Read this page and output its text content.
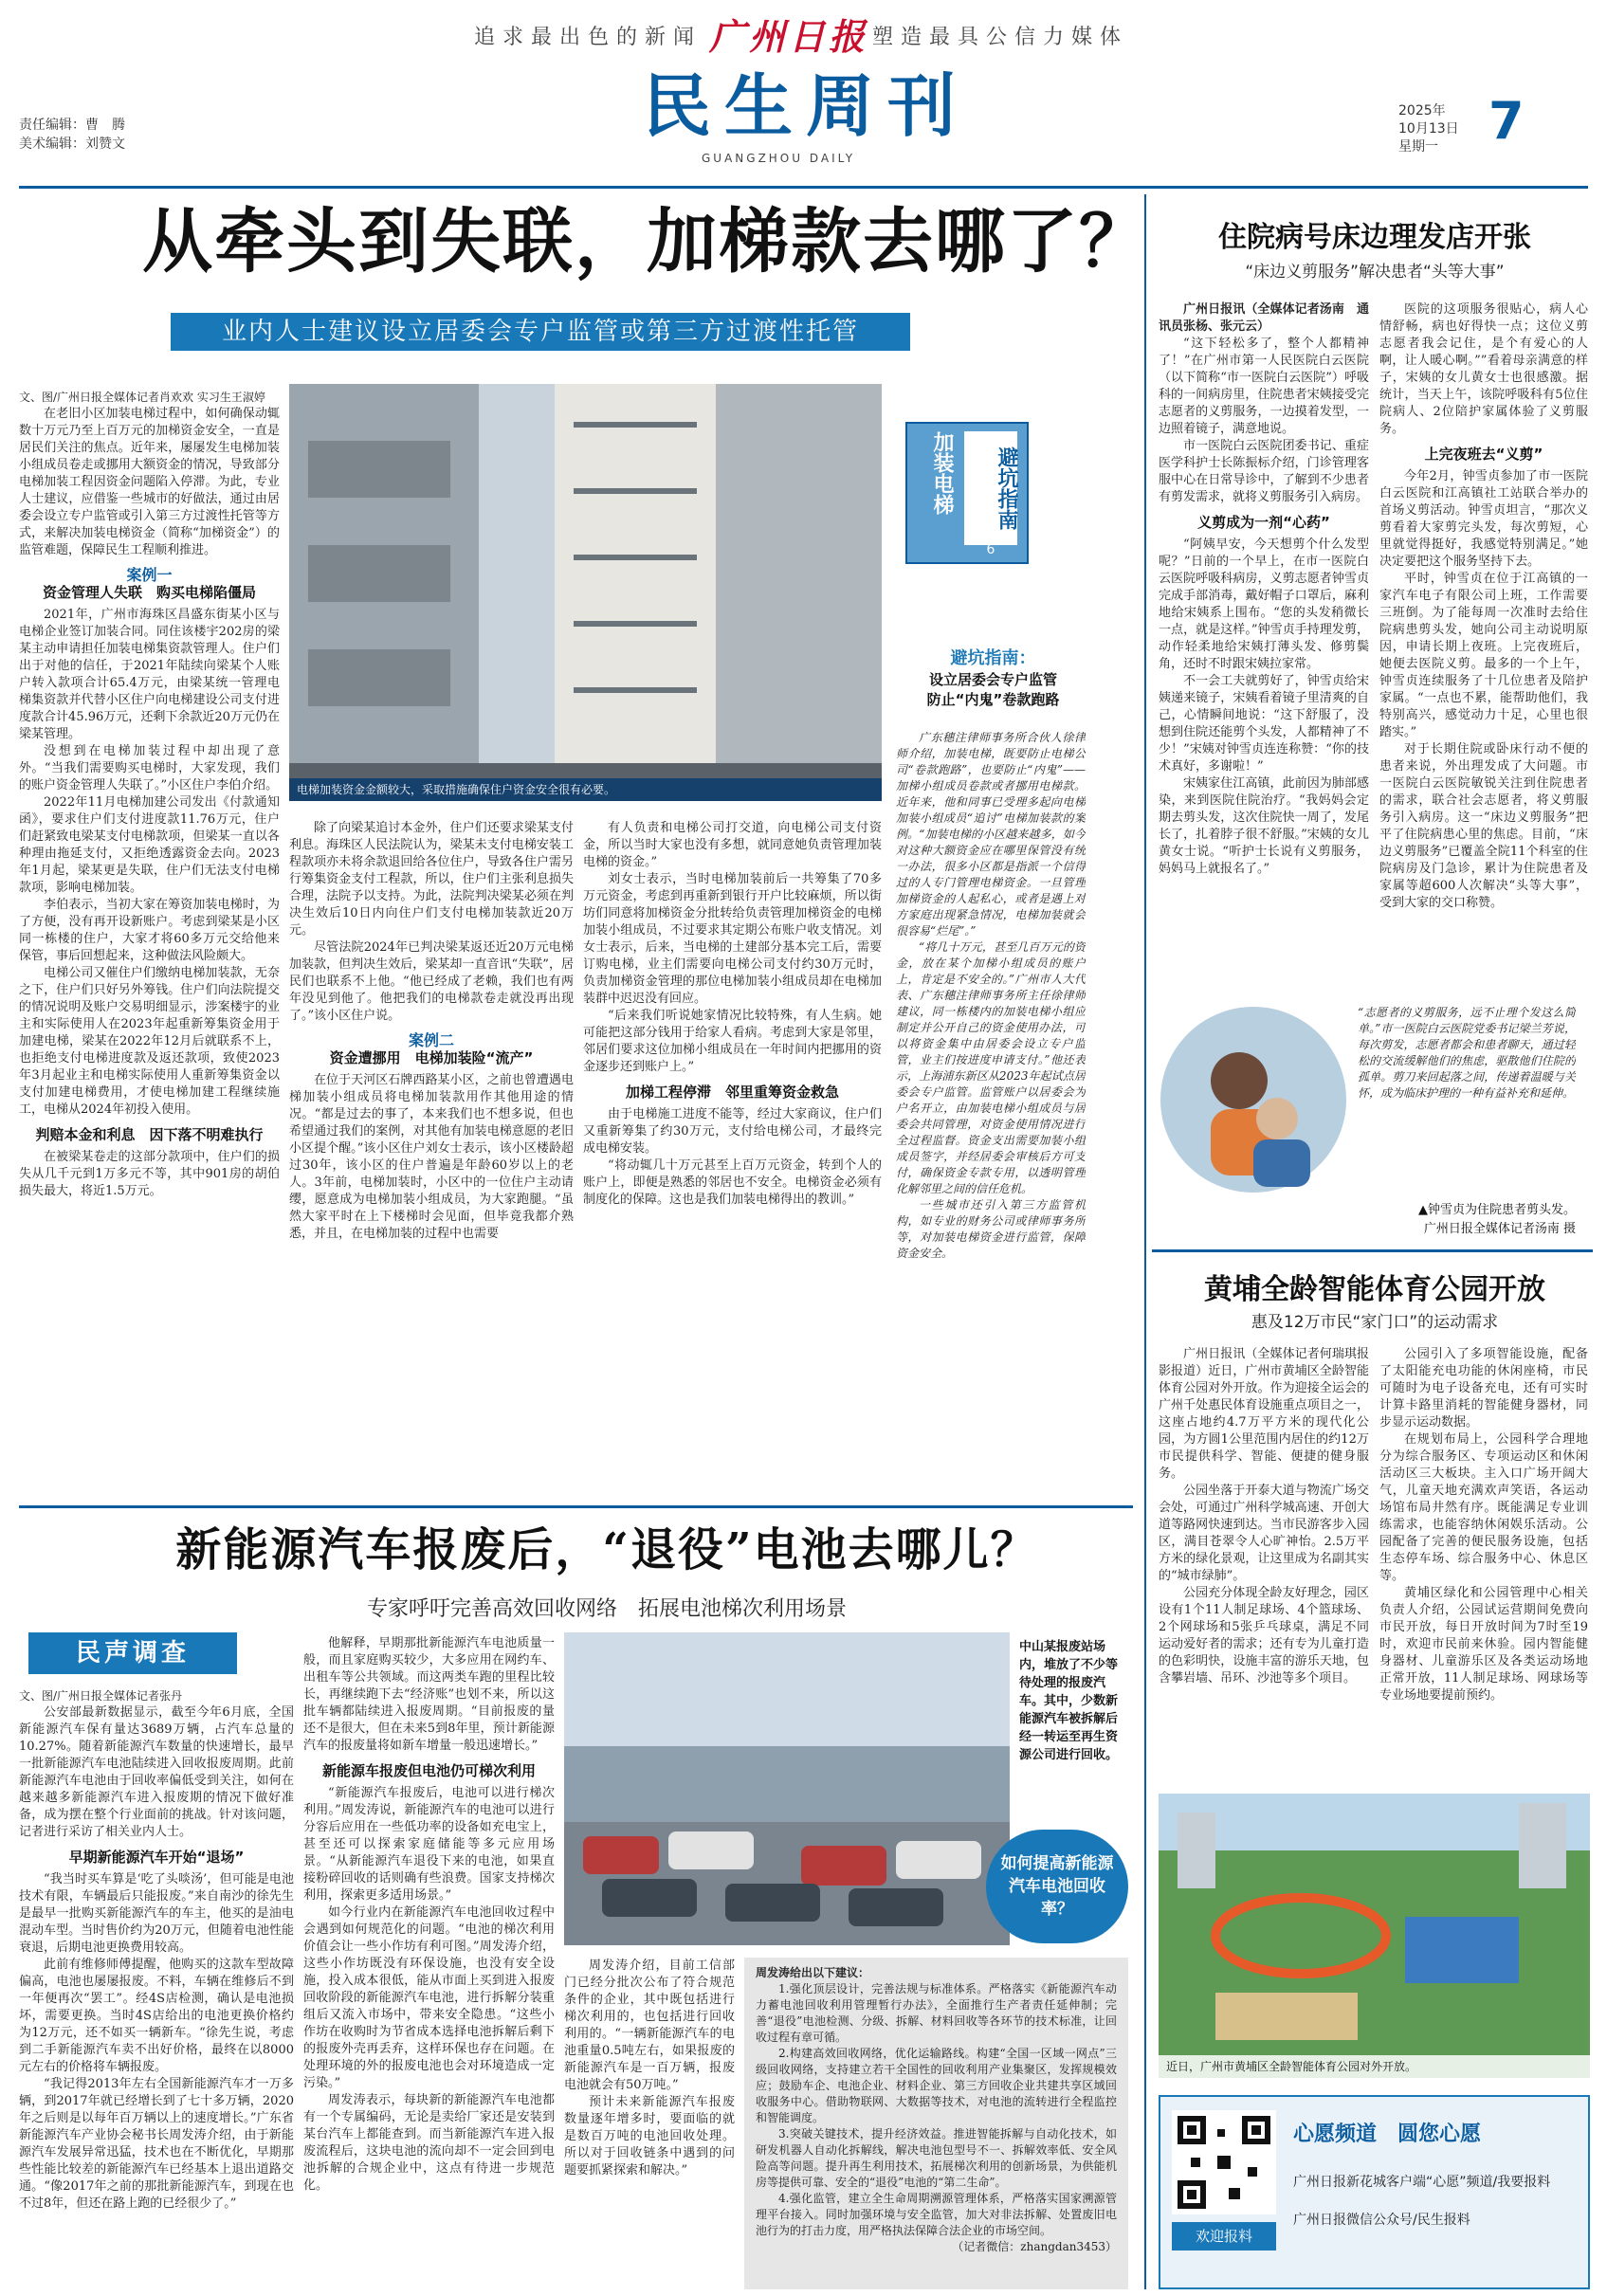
追求最出色的新闻 广州日报 塑造最具公信力媒体
民生周刊
GUANGZHOU DAILY
责任编辑：曹　腾
美术编辑：刘赞文
2025年
10月13日
星期一 7
从牵头到失联，加梯款去哪了？
业内人士建议设立居委会专户监管或第三方过渡性托管

文、图/广州日报全媒体记者肖欢欢 实习生王淑婷

在老旧小区加装电梯过程中，如何确保动辄数十万元乃至上百万元的加梯资金安全，一直是居民们关注的焦点。近年来，屡屡发生电梯加装小组成员卷走或挪用大额资金的情况，导致部分电梯加装工程因资金问题陷入停滞。为此，专业人士建议，应借鉴一些城市的好做法，通过由居委会设立专户监管或引入第三方过渡性托管等方式，来解决加装电梯资金（简称“加梯资金”）的监管难题，保障民生工程顺利推进。

案例一
资金管理人失联　购买电梯陷僵局

2021年，广州市海珠区昌盛东街某小区与电梯企业签订加装合同。同住该楼宇202房的梁某主动申请担任加装电梯集资款管理人。住户们出于对他的信任，于2021年陆续向梁某个人账户转入款项合计65.4万元，由梁某统一管理电梯集资款并代替小区住户向电梯建设公司支付进度款合计45.96万元，还剩下余款近20万元仍在梁某管理。

没想到在电梯加装过程中却出现了意外。“当我们需要购买电梯时，大家发现，我们的账户资金管理人失联了。”小区住户李伯介绍。

2022年11月电梯加建公司发出《付款通知函》，要求住户们支付进度款11.76万元，住户们赶紧致电梁某支付电梯款项，但梁某一直以各种理由拖延支付，又拒绝透露资金去向。2023年1月起，梁某更是失联，住户们无法支付电梯款项，影响电梯加装。

李伯表示，当初大家在筹资加装电梯时，为了方便，没有再开设新账户。考虑到梁某是小区同一栋楼的住户，大家才将60多万元交给他来保管，事后回想起来，这种做法风险颇大。

电梯公司又催住户们缴纳电梯加装款，无奈之下，住户们只好另外筹钱。住户们向法院提交的情况说明及账户交易明细显示，涉案楼宇的业主和实际使用人在2023年起重新筹集资金用于加建电梯，梁某在2022年12月后就联系不上，也拒绝支付电梯进度款及返还款项，致使2023年3月起业主和电梯实际使用人重新筹集资金以支付加建电梯费用，才使电梯加建工程继续施工，电梯从2024年初投入使用。

判赔本金和利息　因下落不明难执行

在被梁某卷走的这部分款项中，住户们的损失从几千元到1万多元不等，其中901房的胡伯损失最大，将近1.5万元。

电梯加装资金金额较大，采取措施确保住户资金安全很有必要。
加装电梯	避坑指南
6
避坑指南：
设立居委会专户监管
防止“内鬼”卷款跑路

除了向梁某追讨本金外，住户们还要求梁某支付利息。海珠区人民法院认为，梁某未支付电梯安装工程款项亦未将余款退回给各位住户，导致各住户需另行筹集资金支付工程款，所以，住户们主张利息损失合理，法院予以支持。为此，法院判决梁某必须在判决生效后10日内向住户们支付电梯加装款近20万元。

尽管法院2024年已判决梁某返还近20万元电梯加装款，但判决生效后，梁某却一直音讯“失联”，居民们也联系不上他。“他已经成了老赖，我们也有两年没见到他了。他把我们的电梯款卷走就没再出现了。”该小区住户说。

案例二
资金遭挪用　电梯加装险“流产”

在位于天河区石牌西路某小区，之前也曾遭遇电梯加装小组成员将电梯加装款用作其他用途的情况。“都是过去的事了，本来我们也不想多说，但也希望通过我们的案例，对其他有加装电梯意愿的老旧小区提个醒。”该小区住户刘女士表示，该小区楼龄超过30年，该小区的住户普遍是年龄60岁以上的老人。3年前，电梯加装时，小区中的一位住户主动请缨，愿意成为电梯加装小组成员，为大家跑腿。“虽然大家平时在上下楼梯时会见面，但毕竟我都介熟悉，并且，在电梯加装的过程中也需要

有人负责和电梯公司打交道，向电梯公司支付资金，所以当时大家也没有多想，就同意她负责管理加装电梯的资金。”

刘女士表示，当时电梯加装前后一共筹集了70多万元资金，考虑到再重新到银行开户比较麻烦，所以街坊们同意将加梯资金分批转给负责管理加梯资金的电梯加装小组成员，不过要求其定期公布账户收支情况。刘女士表示，后来，当电梯的土建部分基本完工后，需要订购电梯，业主们需要向电梯公司支付约30万元时，负责加梯资金管理的那位电梯加装小组成员却在电梯加装群中迟迟没有回应。

“后来我们听说她家情况比较特殊，有人生病。她可能把这部分钱用于给家人看病。考虑到大家是邻里，邻居们要求这位加梯小组成员在一年时间内把挪用的资金逐步还到账户上。”

加梯工程停滞　邻里重筹资金救急

由于电梯施工进度不能等，经过大家商议，住户们又重新筹集了约30万元，支付给电梯公司，才最终完成电梯安装。

“将动辄几十万元甚至上百万元资金，转到个人的账户上，即便是熟悉的邻居也不安全。电梯资金必须有制度化的保障。这也是我们加装电梯得出的教训。”

广东穗注律师事务所合伙人徐律师介绍，加装电梯，既要防止电梯公司“卷款跑路”，也要防止“内鬼”——加梯小组成员卷款或者挪用电梯款。近年来，他和同事已受理多起向电梯加装小组成员“追讨”电梯加装款的案例。“加装电梯的小区越来越多，如今对这种大额资金应在哪里保管没有统一办法，很多小区都是指派一个信得过的人专门管理电梯资金。一旦管理加梯资金的人起私心，或者是遇上对方家庭出现紧急情况，电梯加装就会很容易“烂尾”。”

“将几十万元，甚至几百万元的资金，放在某个加梯小组成员的账户上，肯定是不安全的。”广州市人大代表、广东穗注律师事务所主任徐律师建议，同一栋楼内的加装电梯小组应制定并公开自己的资金使用办法，可以将资金集中由居委会设立专户监管，业主们按进度申请支付。”他还表示，上海浦东新区从2023年起试点居委会专户监管。监管账户以居委会为户名开立，由加装电梯小组成员与居委会共同管理，对资金使用情况进行全过程监督。资金支出需要加装小组成员签字，并经居委会审核后方可支付，确保资金专款专用，以透明管理化解邻里之间的信任危机。

一些城市还引入第三方监管机构，如专业的财务公司或律师事务所等，对加装电梯资金进行监管，保障资金安全。

新能源汽车报废后，“退役”电池去哪儿？
专家呼吁完善高效回收网络　拓展电池梯次利用场景
民声调查

文、图/广州日报全媒体记者张丹

公安部最新数据显示，截至今年6月底，全国新能源汽车保有量达3689万辆，占汽车总量的10.27%。随着新能源汽车数量的快速增长，最早一批新能源汽车电池陆续进入回收报废周期。此前新能源汽车电池由于回收率偏低受到关注，如何在越来越多新能源汽车进入报废期的情况下做好准备，成为摆在整个行业面前的挑战。针对该问题，记者进行采访了相关业内人士。

早期新能源汽车开始“退场”

“我当时买车算是‘吃了头啖汤’，但可能是电池技术有限，车辆最后只能报废。”来自南沙的徐先生是最早一批购买新能源汽车的车主，他买的是油电混动车型。当时售价约为20万元，但随着电池性能衰退，后期电池更换费用较高。

此前有维修师傅提醒，他购买的这款车型故障偏高，电池也屡屡报废。不料，车辆在维修后不到一年便再次“罢工”。经4S店检测，确认是电池损坏，需要更换。当时4S店给出的电池更换价格约为12万元，还不如买一辆新车。“徐先生说，考虑到二手新能源汽车卖不出好价格，最终在以8000元左右的价格将车辆报废。

“我记得2013年左右全国新能源汽车才一万多辆，到2017年就已经增长到了七十多万辆，2020年之后则是以每年百万辆以上的速度增长。”广东省新能源汽车产业协会秘书长周发涛介绍，由于新能源汽车发展异常迅猛，技术也在不断优化，早期那些性能比较差的新能源汽车已经基本上退出道路交通。“像2017年之前的那批新能源汽车，到现在也不过8年，但还在路上跑的已经很少了。”

他解释，早期那批新能源汽车电池质量一般，而且家庭购买较少，大多应用在网约车、出租车等公共领域。而这两类车跑的里程比较长，再继续跑下去“经济账”也划不来，所以这批车辆都陆续进入报废周期。“目前报废的量还不是很大，但在未来5到8年里，预计新能源汽车的报废量将如新车增量一般迅速增长。”

新能源车报废但电池仍可梯次利用

“新能源汽车报废后，电池可以进行梯次利用。”周发涛说，新能源汽车的电池可以进行分容后应用在一些低功率的设备如充电宝上，甚至还可以探索家庭储能等多元应用场景。“从新能源汽车退役下来的电池，如果直接粉碎回收的话则确有些浪费。国家支持梯次利用，探索更多适用场景。”

如今行业内在新能源汽车电池回收过程中会遇到如何规范化的问题。“电池的梯次利用价值会让一些小作坊有利可图。”周发涛介绍，这些小作坊既没有环保设施，也没有安全设施，投入成本很低，能从市面上买到进入报废回收阶段的新能源汽车电池，进行拆解分装重组后又流入市场中，带来安全隐患。“这些小作坊在收购时为节省成本选择电池拆解后剩下的报废外壳再丢弃，这样环保也存在问题。在处理环境的外的报废电池也会对环境造成一定污染。”

周发涛表示，每块新的新能源汽车电池都有一个专属编码，无论是卖给厂家还是安装到某台汽车上都能查到。而当新能源汽车进入报废流程后，这块电池的流向却不一定会回到电池拆解的合规企业中，这点有待进一步规范化。

中山某报废站场内，堆放了不少等待处理的报废汽车。其中，少数新能源汽车被拆解后经一转运至再生资源公司进行回收。
如何提高新能源汽车电池回收率？

周发涛介绍，目前工信部门已经分批次公布了符合规范条件的企业，其中既包括进行梯次利用的，也包括进行回收利用的。“一辆新能源汽车的电池重量0.5吨左右，如果报废的新能源汽车是一百万辆，报废电池就会有50万吨。”

预计未来新能源汽车报废数量逐年增多时，要面临的就是数百万吨的电池回收处理。所以对于回收链条中遇到的问题要抓紧探索和解决。”

周发涛给出以下建议：

1.强化顶层设计，完善法规与标准体系。严格落实《新能源汽车动力蓄电池回收利用管理暂行办法》，全面推行生产者责任延伸制；完善“退役”电池检测、分级、拆解、材料回收等各环节的技术标准，让回收过程有章可循。

2.构建高效回收网络，优化运输路线。构建“全国一区域一网点”三级回收网络，支持建立若干全国性的回收利用产业集聚区，发挥规模效应；鼓励车企、电池企业、材料企业、第三方回收企业共建共享区域回收服务中心。借助物联网、大数据等技术，对电池的流转进行全程监控和智能调度。

3.突破关键技术，提升经济效益。推进智能拆解与自动化技术，如研发机器人自动化拆解线，解决电池包型号不一、拆解效率低、安全风险高等问题。提升再生利用技术，拓展梯次利用的创新场景，为供能机房等提供可靠、安全的“退役”电池的“第二生命”。

4.强化监管，建立全生命周期溯源管理体系，严格落实国家溯源管理平台接入。同时加强环境与安全监管，加大对非法拆解、处置废旧电池行为的打击力度，用严格执法保障合法企业的市场空间。

（记者微信：zhangdan3453）
住院病号床边理发店开张
“床边义剪服务”解决患者“头等大事”

广州日报讯（全媒体记者汤南　通讯员张杨、张元云）

“这下轻松多了，整个人都精神了！”在广州市第一人民医院白云医院（以下简称“市一医院白云医院”）呼吸科的一间病房里，住院患者宋姨接受完志愿者的义剪服务，一边摸着发型，一边照着镜子，满意地说。

市一医院白云医院团委书记、重症医学科护士长陈振标介绍，门诊管理客服中心在日常导诊中，了解到不少患者有剪发需求，就将义剪服务引入病房。

义剪成为一剂“心药”

“阿姨早安，今天想剪个什么发型呢？”日前的一个早上，在市一医院白云医院呼吸科病房，义剪志愿者钟雪贞完成手部消毒，戴好帽子口罩后，麻利地给宋姨系上围布。“您的头发稍微长一点，就是这样。”钟雪贞手持理发剪，动作轻柔地给宋姨打薄头发、修剪鬓角，还时不时跟宋姨拉家常。

不一会工夫就剪好了，钟雪贞给宋姨递来镜子，宋姨看着镜子里清爽的自己，心情瞬间地说：“这下舒服了，没想到住院还能剪个头发，人都精神了不少！”宋姨对钟雪贞连连称赞：“你的技术真好，多谢啦！”

宋姨家住江高镇，此前因为肺部感染，来到医院住院治疗。“我妈妈会定期去剪头发，这次住院快一周了，发尾长了，扎着脖子很不舒服。”宋姨的女儿黄女士说。“听护士长说有义剪服务，妈妈马上就报名了。”

医院的这项服务很贴心，病人心情舒畅，病也好得快一点；这位义剪志愿者我会记住，是个有爱心的人啊，让人暖心啊。””看着母亲满意的样子，宋姨的女儿黄女士也很感激。据统计，当天上午，该院呼吸科有5位住院病人、2位陪护家属体验了义剪服务。

上完夜班去“义剪”

今年2月，钟雪贞参加了市一医院白云医院和江高镇社工站联合举办的首场义剪活动。钟雪贞坦言，“那次义剪看着大家剪完头发，每次剪短，心里就觉得挺好，我感觉特别满足。”她决定要把这个服务坚持下去。

平时，钟雪贞在位于江高镇的一家汽车电子有限公司上班，工作需要三班倒。为了能每周一次准时去给住院病患剪头发，她向公司主动说明原因，申请长期上夜班。上完夜班后，她便去医院义剪。最多的一个上午，钟雪贞连续服务了十几位患者及陪护家属。“一点也不累，能帮助他们，我特别高兴，感觉动力十足，心里也很踏实。”

对于长期住院或卧床行动不便的患者来说，外出理发成了大问题。市一医院白云医院敏锐关注到住院患者的需求，联合社会志愿者，将义剪服务引入病房。这一“床边义剪服务”把平了住院病患心里的焦虑。目前，“床边义剪服务”已覆盖全院11个科室的住院病房及门急诊，累计为住院患者及家属等超600人次解决“头等大事”，受到大家的交口称赞。

“志愿者的义剪服务，远不止理个发这么简单。”市一医院白云医院党委书记梁兰芳说，每次剪发，志愿者都会和患者聊天，通过轻松的交流缓解他们的焦虑，驱散他们住院的孤单。剪刀来回起落之间，传递着温暖与关怀，成为临床护理的一种有益补充和延伸。
▲钟雪贞为住院患者剪头发。
广州日报全媒体记者汤南 摄
黄埔全龄智能体育公园开放
惠及12万市民“家门口”的运动需求

广州日报讯（全媒体记者何瑞琪报影报道）近日，广州市黄埔区全龄智能体育公园对外开放。作为迎接全运会的广州千处惠民体育设施重点项目之一，这座占地约4.7万平方米的现代化公园，为方圆1公里范围内居住的约12万市民提供科学、智能、便捷的健身服务。

公园坐落于开泰大道与物流广场交会处，可通过广州科学城高速、开创大道等路网快速到达。当市民游客步入园区，满目苍翠令人心旷神怡。2.5万平方米的绿化景观，让这里成为名副其实的“城市绿肺”。

公园充分体现全龄友好理念，园区设有1个11人制足球场、4个篮球场、2个网球场和5张乒乓球桌，满足不同运动爱好者的需求；还有专为儿童打造的色彩明快，设施丰富的游乐天地，包含攀岩墙、吊环、沙池等多个项目。

公园引入了多项智能设施，配备了太阳能充电功能的休闲座椅，市民可随时为电子设备充电，还有可实时计算卡路里消耗的智能健身器材，同步显示运动数据。

在规划布局上，公园科学合理地分为综合服务区、专项运动区和休闲活动区三大板块。主入口广场开阔大气，儿童天地充满欢声笑语，各运动场馆布局井然有序。既能满足专业训练需求，也能容纳休闲娱乐活动。公园配备了完善的便民服务设施，包括生态停车场、综合服务中心、休息区等。

黄埔区绿化和公园管理中心相关负责人介绍，公园试运营期间免费向市民开放，每日开放时间为7时至19时，欢迎市民前来休验。园内智能健身器材、儿童游乐区及各类运动场地正常开放，11人制足球场、网球场等专业场地要提前预约。

近日，广州市黄埔区全龄智能体育公园对外开放。
欢迎报料
心愿频道　圆您心愿
广州日报新花城客户端“心愿”频道/我要报料
广州日报微信公众号/民生报料
